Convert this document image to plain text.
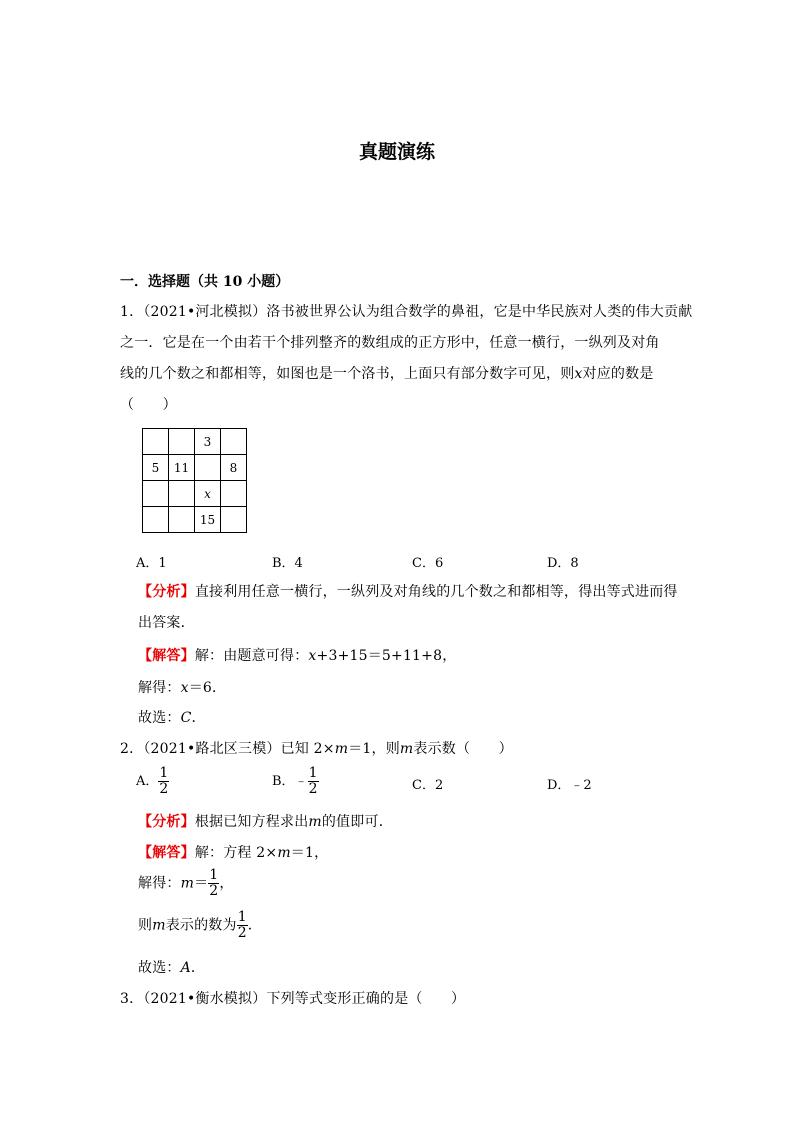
真题演练
一．选择题（共 10 小题）
1．（2021•河北模拟）洛书被世界公认为组合数学的鼻祖，它是中华民族对人类的伟大贡献
之一．它是在一个由若干个排列整齐的数组成的正方形中，任意一横行，一纵列及对角
线的几个数之和都相等，如图也是一个洛书，上面只有部分数字可见，则x对应的数是
（　　）
		3	
5	11		8
		x	
		15	
A．1	B．4	C．6	D．8
【分析】直接利用任意一横行，一纵列及对角线的几个数之和都相等，得出等式进而得
出答案．
【解答】解：由题意可得：x+3+15＝5+11+8，
解得：x＝6．
故选：C．
2．（2021•路北区三模）已知 2×m＝1，则m表示数（　　）
A． $\frac{1}{2}$	B．﹣ $\frac{1}{2}$	C．2	D．﹣2
【分析】根据已知方程求出m的值即可．
【解答】解：方程 2×m＝1，
解得：$m= \frac{1}{2}$ ，
则m表示的数为 $\frac{1}{2}$ ．
故选：A．
3．（2021•衡水模拟）下列等式变形正确的是（　　）
